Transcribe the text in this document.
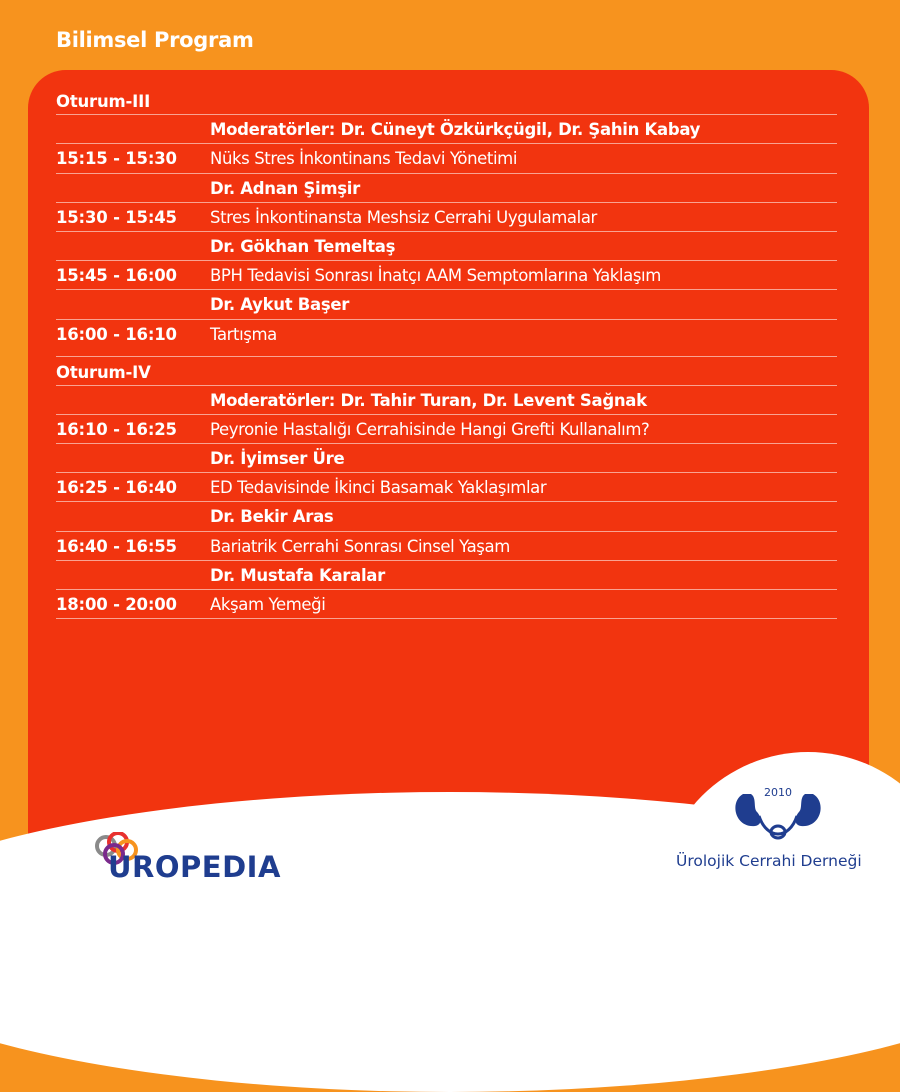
Bilimsel Program
Oturum-III
Moderatörler: Dr. Cüneyt Özkürkçügil, Dr. Şahin Kabay
15:15 - 15:30 Nüks Stres İnkontinans Tedavi Yönetimi
Dr. Adnan Şimşir
15:30 - 15:45 Stres İnkontinansta Meshsiz Cerrahi Uygulamalar
Dr. Gökhan Temeltaş
15:45 - 16:00 BPH Tedavisi Sonrası İnatçı AAM Semptomlarına Yaklaşım
Dr. Aykut Başer
16:00 - 16:10 Tartışma
Oturum-IV
Moderatörler: Dr. Tahir Turan, Dr. Levent Sağnak
16:10 - 16:25 Peyronie Hastalığı Cerrahisinde Hangi Grefti Kullanalım?
Dr. İyimser Üre
16:25 - 16:40 ED Tedavisinde İkinci Basamak Yaklaşımlar
Dr. Bekir Aras
16:40 - 16:55 Bariatrik Cerrahi Sonrası Cinsel Yaşam
Dr. Mustafa Karalar
18:00 - 20:00 Akşam Yemeği
UROPEDIA
2010
Ürolojik Cerrahi Derneği
